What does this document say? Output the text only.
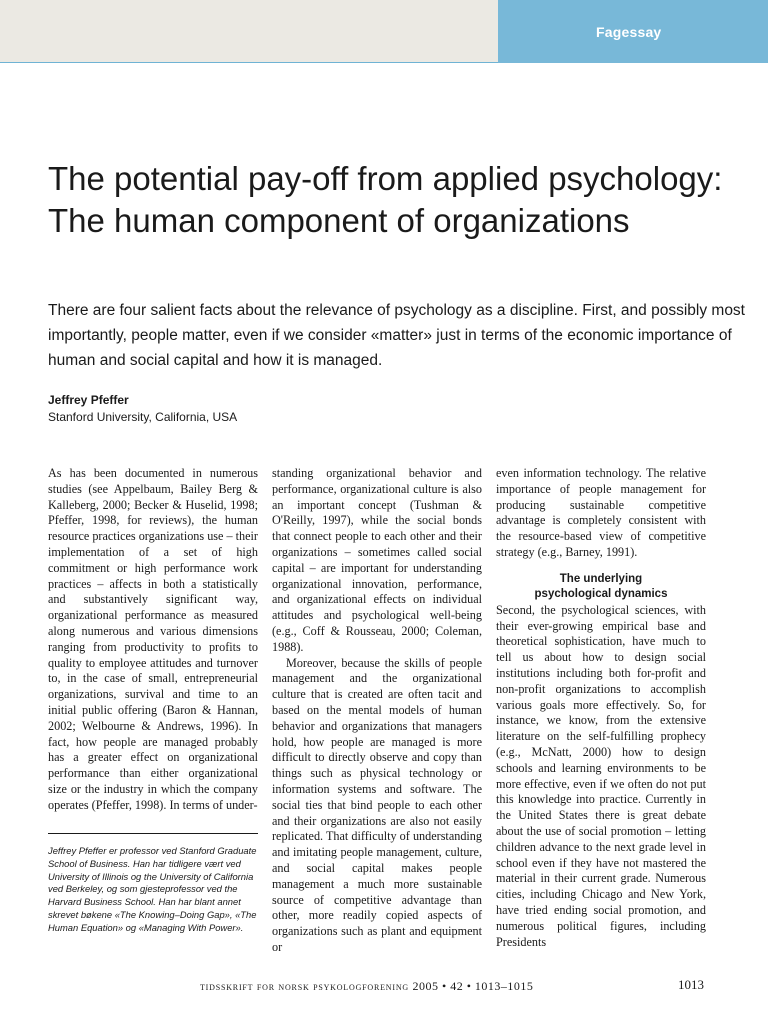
Fagessay
The potential pay-off from applied psychology: The human component of organizations

There are four salient facts about the relevance of psychology as a discipline. First, and possibly most importantly, people matter, even if we consider «matter» just in terms of the economic importance of human and social capital and how it is managed.

Jeffrey Pfeffer
Stanford University, California, USA

As has been documented in numerous studies (see Appelbaum, Bailey Berg & Kalleberg, 2000; Becker & Huselid, 1998; Pfeffer, 1998, for reviews), the human resource practices organizations use – their implementation of a set of high commitment or high performance work practices – affects in both a statistically and substantively significant way, organizational performance as measured along numerous and various dimensions ranging from productivity to profits to quality to employee attitudes and turnover to, in the case of small, entrepreneurial organizations, survival and time to an initial public offering (Baron & Hannan, 2002; Welbourne & Andrews, 1996). In fact, how people are managed probably has a greater effect on organizational performance than either organizational size or the industry in which the company operates (Pfeffer, 1998). In terms of under-

standing organizational behavior and performance, organizational culture is also an important concept (Tushman & O'Reilly, 1997), while the social bonds that connect people to each other and their organizations – sometimes called social capital – are important for understanding organizational innovation, performance, and organizational effects on individual attitudes and psychological well-being (e.g., Coff & Rousseau, 2000; Coleman, 1988).

Moreover, because the skills of people management and the organizational culture that is created are often tacit and based on the mental models of human behavior and organizations that managers hold, how people are managed is more difficult to directly observe and copy than things such as physical technology or information systems and software. The social ties that bind people to each other and their organizations are also not easily replicated. That difficulty of understanding and imitating people management, culture, and social capital makes people management a much more sustainable source of competitive advantage than other, more readily copied aspects of organizations such as plant and equipment or

even information technology. The relative importance of people management for producing sustainable competitive advantage is completely consistent with the resource-based view of competitive strategy (e.g., Barney, 1991).

The underlying
psychological dynamics

Second, the psychological sciences, with their ever-growing empirical base and theoretical sophistication, have much to tell us about how to design social institutions including both for-profit and non-profit organizations to accomplish various goals more effectively. So, for instance, we know, from the extensive literature on the self-fulfilling prophecy (e.g., McNatt, 2000) how to design schools and learning environments to be more effective, even if we often do not put this knowledge into practice. Currently in the United States there is great debate about the use of social promotion – letting children advance to the next grade level in school even if they have not mastered the material in their current grade. Numerous cities, including Chicago and New York, have tried ending social promotion, and numerous political figures, including Presidents

Jeffrey Pfeffer er professor ved Stanford Graduate School of Business. Han har tidligere vært ved University of Illinois og the University of California ved Berkeley, og som gjesteprofessor ved the Harvard Business School. Han har blant annet skrevet bøkene «The Knowing–Doing Gap», «The Human Equation» og «Managing With Power».

tidsskrift for norsk psykologforening 2005 • 42 • 1013–1015	1013
